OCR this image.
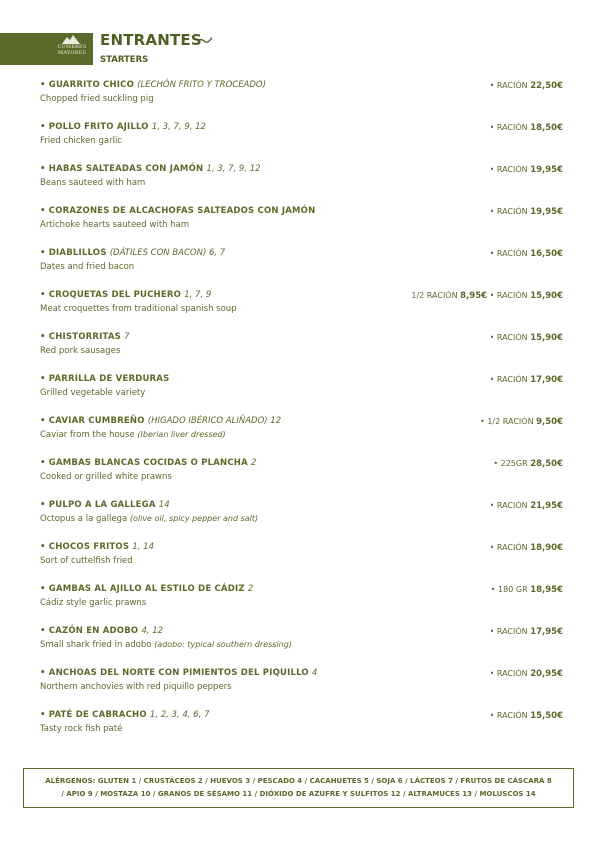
CUMBRES
MAYORES
ENTRANTES
STARTERS
• GUARRITO CHICO (LECHÓN FRITO Y TROCEADO)
Chopped fried suckling pig
• RACIÓN 22,50€
• POLLO FRITO AJILLO 1, 3, 7, 9, 12
Fried chicken garlic
• RACIÓN 18,50€
• HABAS SALTEADAS CON JAMÓN 1, 3, 7, 9, 12
Beans sauteed with ham
• RACIÓN 19,95€
• CORAZONES DE ALCACHOFAS SALTEADOS CON JAMÓN
Artichoke hearts sauteed with ham
• RACIÓN 19,95€
• DIABLILLOS (DÁTILES CON BACON) 6, 7
Dates and fried bacon
• RACIÓN 16,50€
• CROQUETAS DEL PUCHERO 1, 7, 9
Meat croquettes from traditional spanish soup
1/2 RACIÓN 8,95€ • RACIÓN 15,90€
• CHISTORRITAS 7
Red pork sausages
• RACIÓN 15,90€
• PARRILLA DE VERDURAS
Grilled vegetable variety
• RACIÓN 17,90€
• CAVIAR CUMBREÑO (HIGADO IBÉRICO ALIÑADO) 12
Caviar from the house (Iberian liver dressed)
• 1/2 RACIÓN 9,50€
• GAMBAS BLANCAS COCIDAS O PLANCHA 2
Cooked or grilled white prawns
• 225GR 28,50€
• PULPO A LA GALLEGA 14
Octopus a la gallega (olive oil, spicy pepper and salt)
• RACIÓN 21,95€
• CHOCOS FRITOS 1, 14
Sort of cuttelfish fried
• RACIÓN 18,90€
• GAMBAS AL AJILLO AL ESTILO DE CÁDIZ 2
Cádiz style garlic prawns
• 180 GR 18,95€
• CAZÓN EN ADOBO 4, 12
Small shark fried in adobo (adobo: typical southern dressing)
• RACIÓN 17,95€
• ANCHOAS DEL NORTE CON PIMIENTOS DEL PIQUILLO 4
Northern anchovies with red piquillo peppers
• RACIÓN 20,95€
• PATÉ DE CABRACHO 1, 2, 3, 4, 6, 7
Tasty rock fish paté
• RACIÓN 15,50€
ALÉRGENOS: GLUTEN 1 / CRUSTÁCEOS 2 / HUEVOS 3 / PESCADO 4 / CACAHUETES 5 / SOJA 6 / LÁCTEOS 7 / FRUTOS DE CÁSCARA 8
/ APIO 9 / MOSTAZA 10 / GRANOS DE SÉSAMO 11 / DIÓXIDO DE AZUFRE Y SULFITOS 12 / ALTRAMUCES 13 / MOLUSCOS 14
